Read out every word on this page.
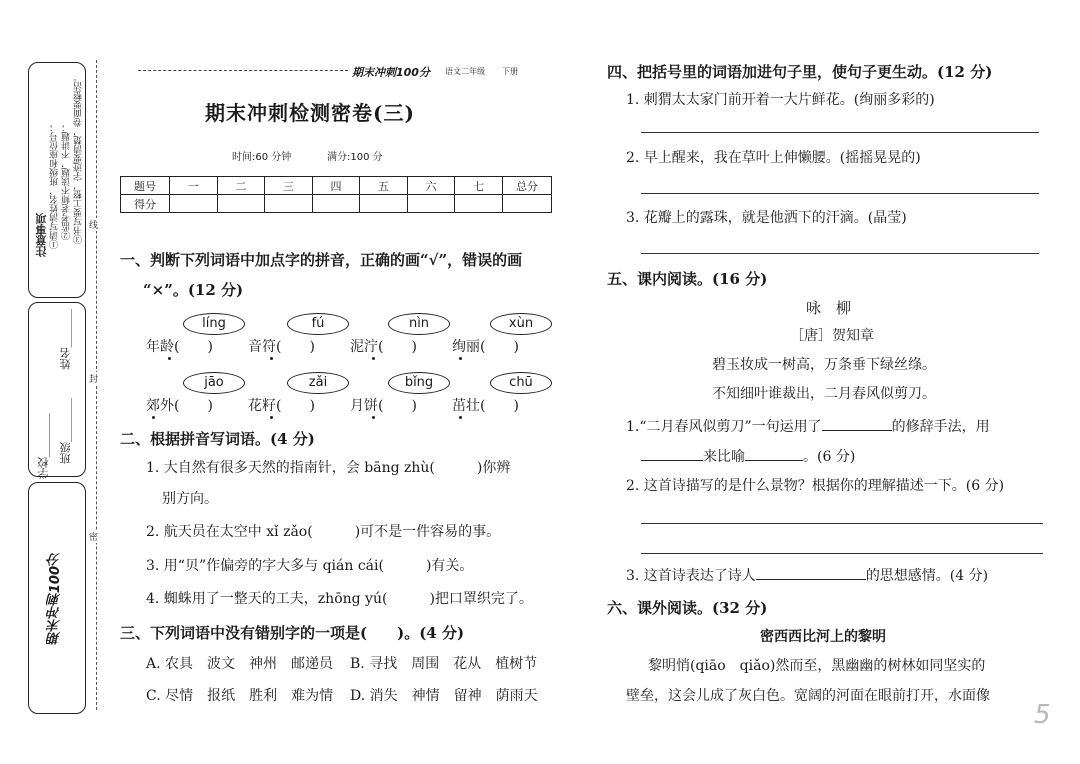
注意事项 ①请写清姓名、班级和座位号； ②监考老师不读题，不讲题； ③书写要工整，字迹要清楚，卷面要整洁。
学校________ 班级________
姓名_______
期末冲刺100分
线
封
密
期末冲刺100分 语文二年级 下册
期末冲刺检测密卷(三)
时间:60 分钟	满分:100 分
题号	一	二	三	四	五	六	七	总分
得分								
一、判断下列词语中加点字的拼音，正确的画“√”，错误的画
“×”。(12 分)
líng	fú	nìn	xùn
年龄(　　)	音符(　　)	泥泞(　　)	绚丽(　　)
jāo	zǎi	bǐng	chū
郊外(　　)	花籽(　　)	月饼(　　)	茁壮(　　)
二、根据拼音写词语。(4 分)
1. 大自然有很多天然的指南针，会 bāng zhù(　　　)你辨
别方向。
2. 航天员在太空中 xǐ zǎo(　　　)可不是一件容易的事。
3. 用“贝”作偏旁的字大多与 qián cái(　　　)有关。
4. 蜘蛛用了一整天的工夫，zhōng yú(　　　)把口罩织完了。
三、下列词语中没有错别字的一项是(　　)。(4 分)
A. 农具　波文　神州　邮递员 B. 寻找　周围　花从　植树节
C. 尽情　报纸　胜利　难为情 D. 消失　神情　留神　荫雨天
四、把括号里的词语加进句子里，使句子更生动。(12 分)
1. 刺猬太太家门前开着一大片鲜花。(绚丽多彩的)
2. 早上醒来，我在草叶上伸懒腰。(摇摇晃晃的)
3. 花瓣上的露珠，就是他洒下的汗滴。(晶莹)
五、课内阅读。(16 分)
咏　柳
［唐］贺知章
碧玉妆成一树高，万条垂下绿丝绦。
不知细叶谁裁出，二月春风似剪刀。
1.“二月春风似剪刀”一句运用了	的修辞手法，用
来比喻	。(6 分)
2. 这首诗描写的是什么景物？根据你的理解描述一下。(6 分)
3. 这首诗表达了诗人	的思想感情。(4 分)
六、课外阅读。(32 分)
密西西比河上的黎明
黎明悄(qiāo　qiǎo)然而至，黑幽幽的树林如同坚实的
壁垒，这会儿成了灰白色。宽阔的河面在眼前打开，水面像
5
